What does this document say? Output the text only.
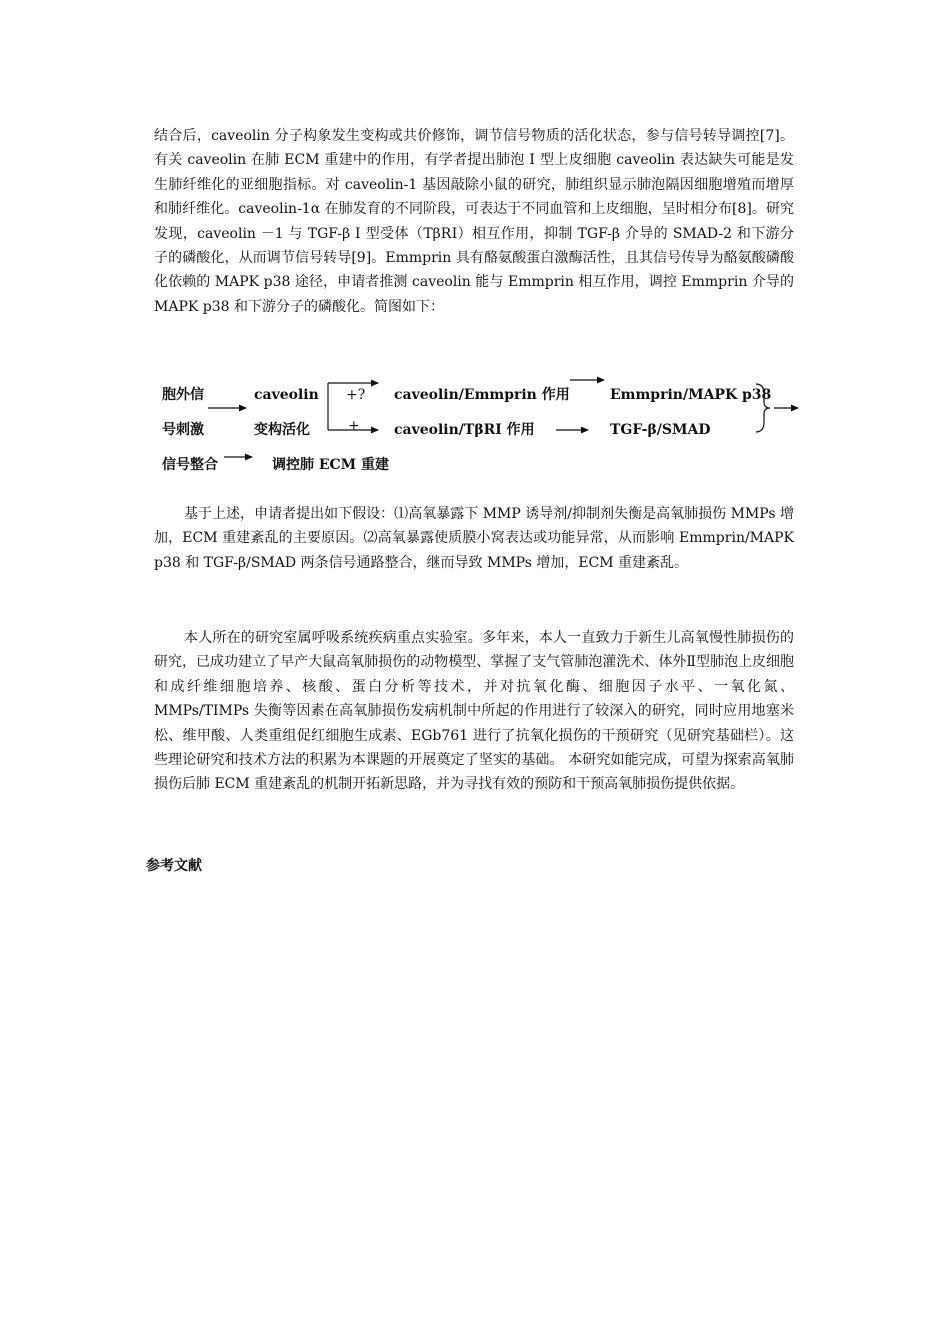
结合后，caveolin 分子构象发生变构或共价修饰，调节信号物质的活化状态，参与信号转导调控[7]。有关 caveolin 在肺 ECM 重建中的作用，有学者提出肺泡 Ⅰ 型上皮细胞 caveolin 表达缺失可能是发生肺纤维化的亚细胞指标。对 caveolin-1 基因敲除小鼠的研究，肺组织显示肺泡隔因细胞增殖而增厚和肺纤维化。caveolin-1α 在肺发育的不同阶段，可表达于不同血管和上皮细胞，呈时相分布[8]。研究发现，caveolin －1 与 TGF-β Ⅰ 型受体（TβRⅠ）相互作用，抑制 TGF-β 介导的 SMAD-2 和下游分子的磷酸化，从而调节信号转导[9]。Emmprin 具有酪氨酸蛋白激酶活性，且其信号传导为酪氨酸磷酸化依赖的 MAPK p38 途径，申请者推测 caveolin 能与 Emmprin 相互作用，调控 Emmprin 介导的 MAPK p38 和下游分子的磷酸化。简图如下：

胞外信
号刺激
caveolin
变构活化
+?
+
caveolin/Emmprin 作用
caveolin/TβRⅠ 作用
Emmprin/MAPK p38
TGF-β/SMAD
信号整合	调控肺 ECM 重建

基于上述，申请者提出如下假设：⑴高氧暴露下 MMP 诱导剂/抑制剂失衡是高氧肺损伤 MMPs 增加，ECM 重建紊乱的主要原因。⑵高氧暴露使质膜小窝表达或功能异常，从而影响 Emmprin/MAPK p38 和 TGF-β/SMAD 两条信号通路整合，继而导致 MMPs 增加，ECM 重建紊乱。

本人所在的研究室属呼吸系统疾病重点实验室。多年来，本人一直致力于新生儿高氧慢性肺损伤的研究，已成功建立了早产大鼠高氧肺损伤的动物模型、掌握了支气管肺泡灌洗术、体外Ⅱ型肺泡上皮细胞和成纤维细胞培养、核酸、蛋白分析等技术，并对抗氧化酶、细胞因子水平、一氧化氮、MMPs/TIMPs 失衡等因素在高氧肺损伤发病机制中所起的作用进行了较深入的研究，同时应用地塞米松、维甲酸、人类重组促红细胞生成素、EGb761 进行了抗氧化损伤的干预研究（见研究基础栏）。这些理论研究和技术方法的积累为本课题的开展奠定了坚实的基础。 本研究如能完成，可望为探索高氧肺损伤后肺 ECM 重建紊乱的机制开拓新思路，并为寻找有效的预防和干预高氧肺损伤提供依据。

参考文献
